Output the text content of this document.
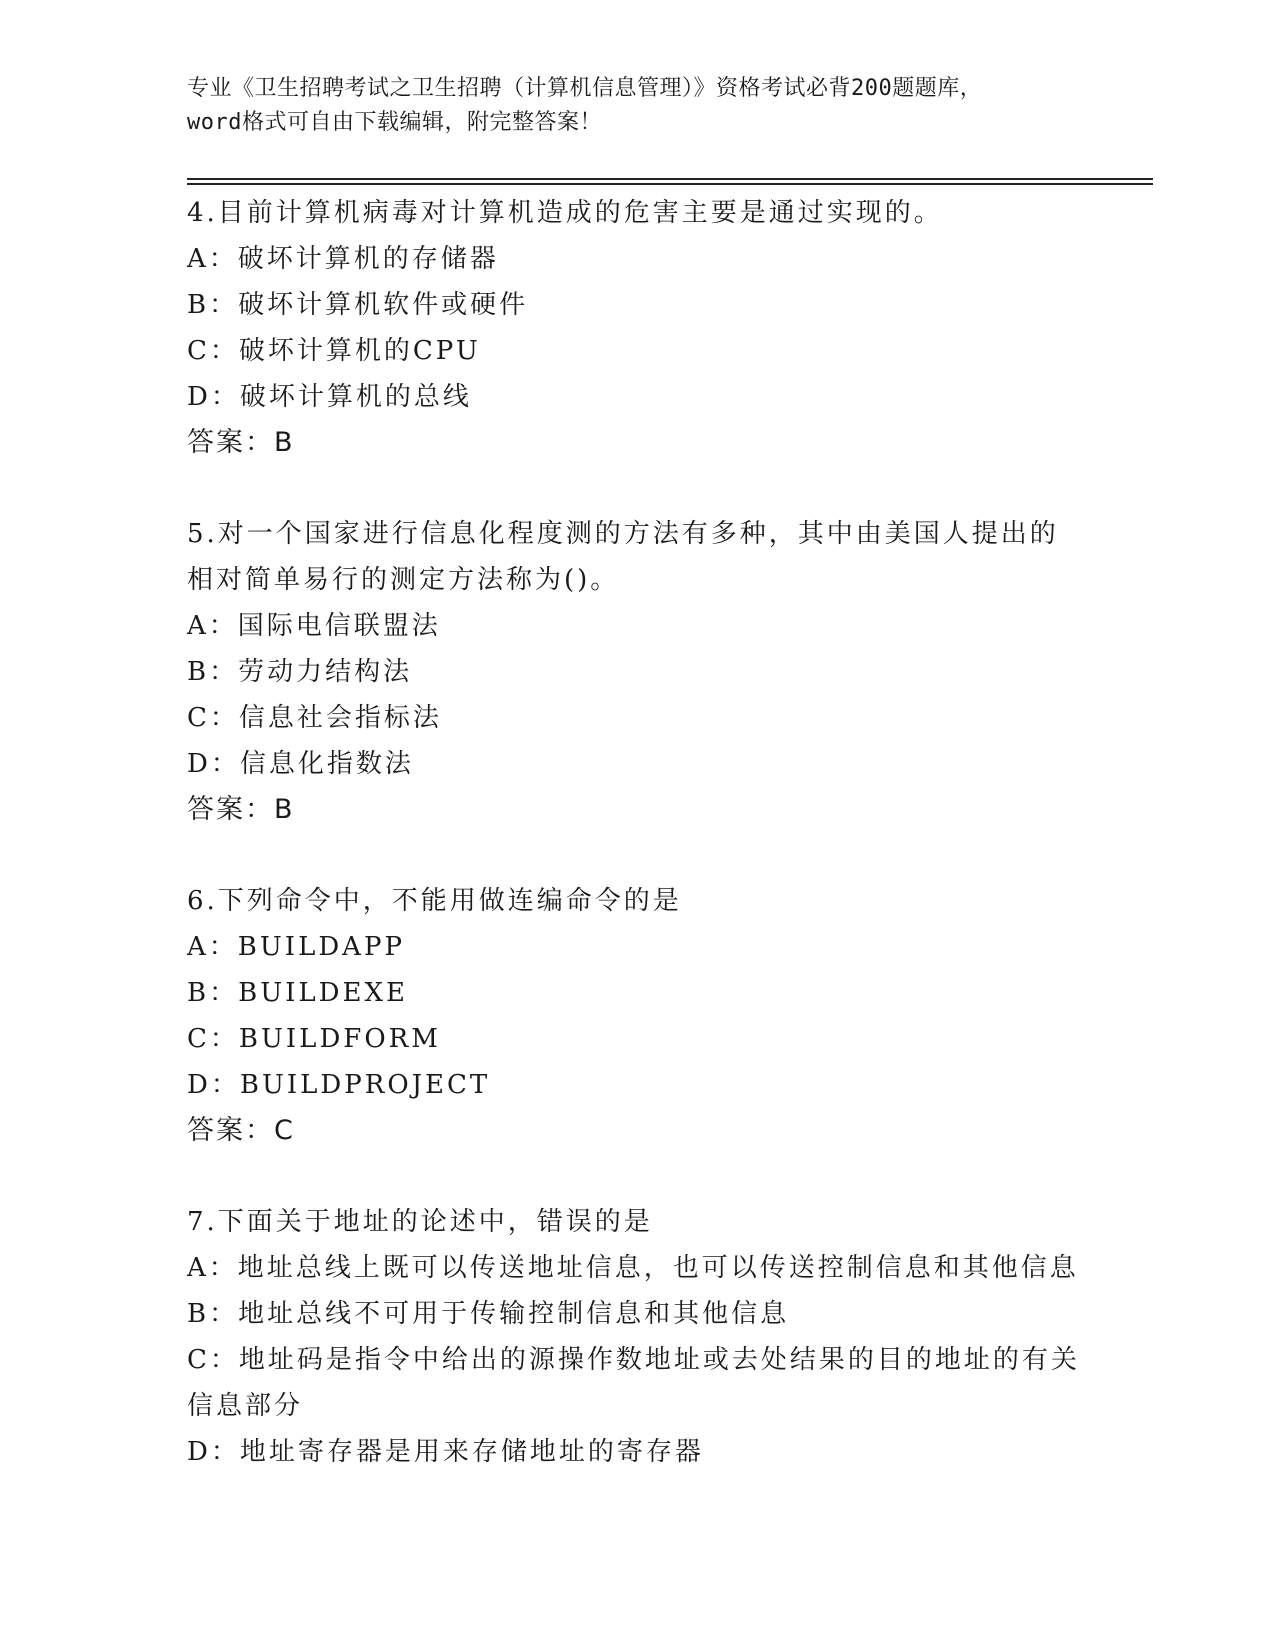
专业《卫生招聘考试之卫生招聘（计算机信息管理）》资格考试必背200题题库，
word格式可自由下载编辑，附完整答案！
4.目前计算机病毒对计算机造成的危害主要是通过实现的。
A：破坏计算机的存储器
B：破坏计算机软件或硬件
C：破坏计算机的CPU
D：破坏计算机的总线
答案：B
5.对一个国家进行信息化程度测的方法有多种，其中由美国人提出的
相对简单易行的测定方法称为()。
A：国际电信联盟法
B：劳动力结构法
C：信息社会指标法
D：信息化指数法
答案：B
6.下列命令中，不能用做连编命令的是
A：BUILDAPP
B：BUILDEXE
C：BUILDFORM
D：BUILDPROJECT
答案：C
7.下面关于地址的论述中，错误的是
A：地址总线上既可以传送地址信息，也可以传送控制信息和其他信息
B：地址总线不可用于传输控制信息和其他信息
C：地址码是指令中给出的源操作数地址或去处结果的目的地址的有关
信息部分
D：地址寄存器是用来存储地址的寄存器
